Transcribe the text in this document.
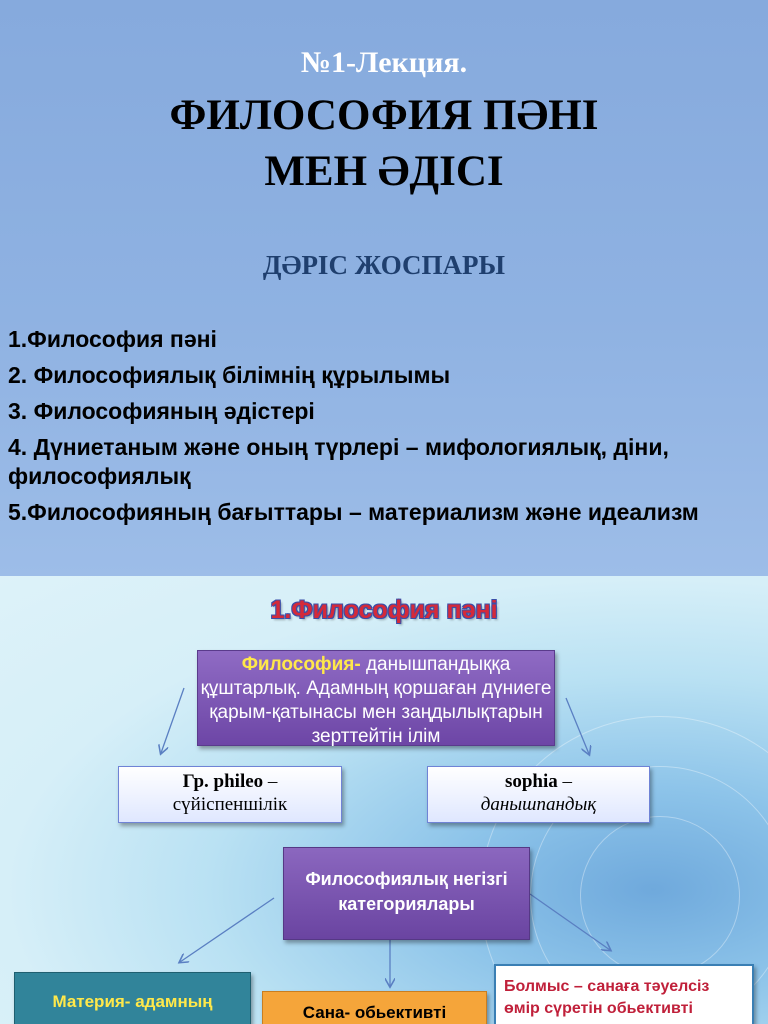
№1-Лекция.
ФИЛОСОФИЯ ПӘНІ
МЕН ӘДІСІ
ДӘРІС ЖОСПАРЫ
1.Философия пәні
2. Философиялық білімнің құрылымы
3. Философияның әдістері
4. Дүниетаным және оның түрлері – мифологиялық, діни, философиялық
5.Философияның бағыттары – материализм және идеализм
1.Философия пәні
Философия- данышпандыққа құштарлық. Адамның қоршаған дүниеге қарым-қатынасы мен заңдылықтарын зерттейтін ілім
Гр. phileo –
сүйіспеншілік
sophia –
данышпандық
Философиялық негізгі категориялары
Материя- адамның
Сана- обьективті
Болмыс – санаға тәуелсіз өмір сүретін обьективті
